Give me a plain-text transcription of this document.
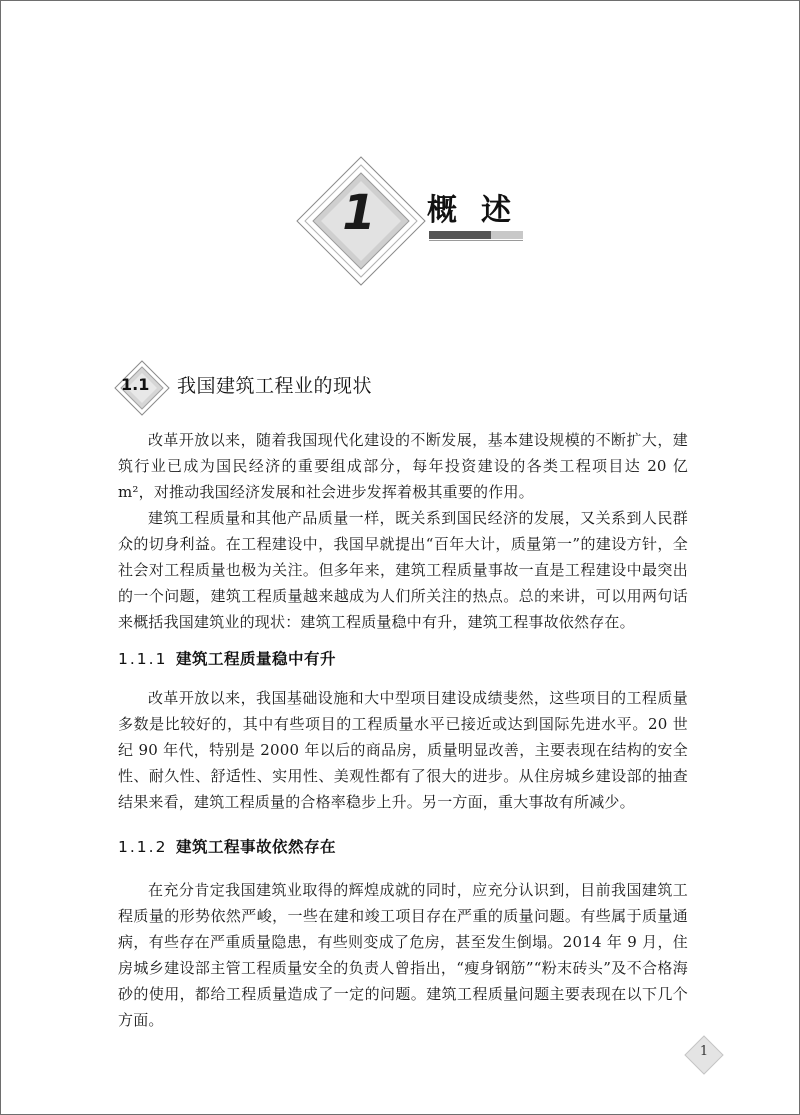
1	概述
1.1 我国建筑工程业的现状

改革开放以来，随着我国现代化建设的不断发展，基本建设规模的不断扩大，建筑行业已成为国民经济的重要组成部分，每年投资建设的各类工程项目达 20 亿 m²，对推动我国经济发展和社会进步发挥着极其重要的作用。

建筑工程质量和其他产品质量一样，既关系到国民经济的发展，又关系到人民群众的切身利益。在工程建设中，我国早就提出“百年大计，质量第一”的建设方针，全社会对工程质量也极为关注。但多年来，建筑工程质量事故一直是工程建设中最突出的一个问题，建筑工程质量越来越成为人们所关注的热点。总的来讲，可以用两句话来概括我国建筑业的现状：建筑工程质量稳中有升，建筑工程事故依然存在。

1.1.1 建筑工程质量稳中有升

改革开放以来，我国基础设施和大中型项目建设成绩斐然，这些项目的工程质量多数是比较好的，其中有些项目的工程质量水平已接近或达到国际先进水平。20 世纪 90 年代，特别是 2000 年以后的商品房，质量明显改善，主要表现在结构的安全性、耐久性、舒适性、实用性、美观性都有了很大的进步。从住房城乡建设部的抽查结果来看，建筑工程质量的合格率稳步上升。另一方面，重大事故有所减少。

1.1.2 建筑工程事故依然存在

在充分肯定我国建筑业取得的辉煌成就的同时，应充分认识到，目前我国建筑工程质量的形势依然严峻，一些在建和竣工项目存在严重的质量问题。有些属于质量通病，有些存在严重质量隐患，有些则变成了危房，甚至发生倒塌。2014 年 9 月，住房城乡建设部主管工程质量安全的负责人曾指出，“瘦身钢筋”“粉末砖头”及不合格海砂的使用，都给工程质量造成了一定的问题。建筑工程质量问题主要表现在以下几个方面。

1
